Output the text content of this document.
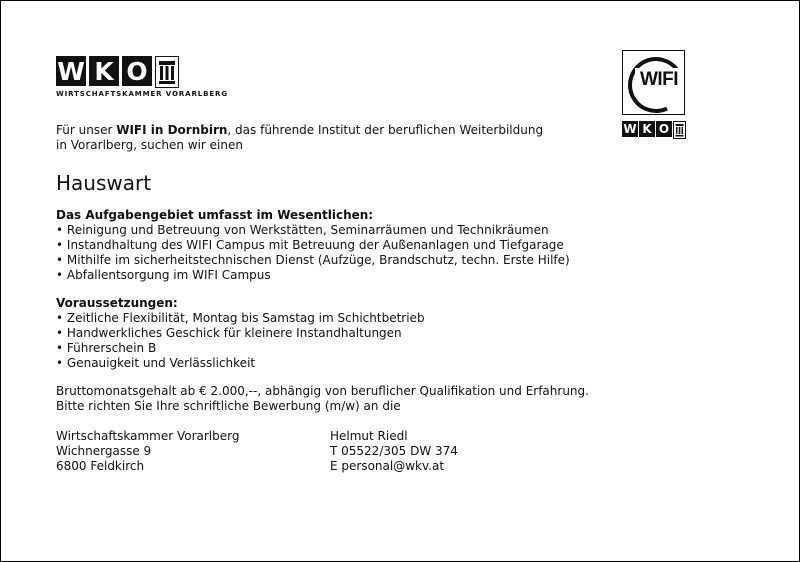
W K O
WIRTSCHAFTSKAMMER VORARLBERG
WIFI
W K O
Für unser WIFI in Dornbirn, das führende Institut der beruflichen Weiterbildung
in Vorarlberg, suchen wir einen
Hauswart
Das Aufgabengebiet umfasst im Wesentlichen:
• Reinigung und Betreuung von Werkstätten, Seminarräumen und Technikräumen
• Instandhaltung des WIFI Campus mit Betreuung der Außenanlagen und Tiefgarage
• Mithilfe im sicherheitstechnischen Dienst (Aufzüge, Brandschutz, techn. Erste Hilfe)
• Abfallentsorgung im WIFI Campus
Voraussetzungen:
• Zeitliche Flexibilität, Montag bis Samstag im Schichtbetrieb
• Handwerkliches Geschick für kleinere Instandhaltungen
• Führerschein B
• Genauigkeit und Verlässlichkeit
Bruttomonatsgehalt ab € 2.000,--, abhängig von beruflicher Qualifikation und Erfahrung.
Bitte richten Sie Ihre schriftliche Bewerbung (m/w) an die
Wirtschaftskammer Vorarlberg
Wichnergasse 9
6800 Feldkirch
Helmut Riedl
T 05522/305 DW 374
E personal@wkv.at
